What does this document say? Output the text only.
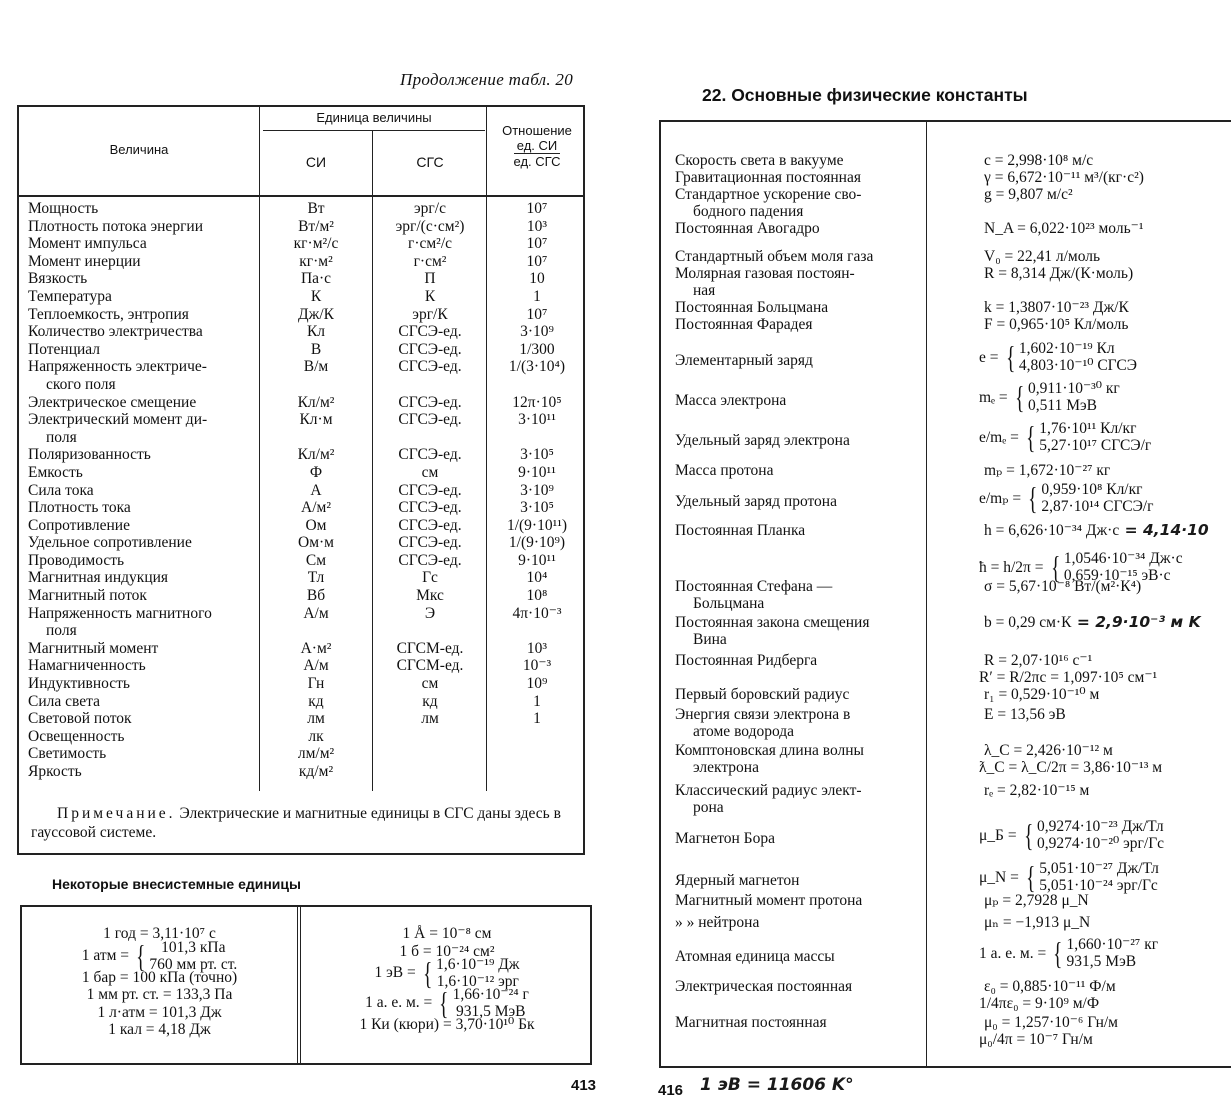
Продолжение табл. 20
Величина
Единица величины
СИ	СГС
Отношение
ед. СИ
ед. СГС
Мощность	Вт	эрг/с	10⁷
Плотность потока энергии	Вт/м²	эрг/(с·см²)	10³
Момент импульса	кг·м²/с	г·см²/с	10⁷
Момент инерции	кг·м²	г·см²	10⁷
Вязкость	Па·с	П	10
Температура	К	К	1
Теплоемкость, энтропия	Дж/К	эрг/К	10⁷
Количество электричества	Кл	СГСЭ-ед.	3·10⁹
Потенциал	В	СГСЭ-ед.	1/300
Напряженность электриче-
ского поля
В/м	СГСЭ-ед.	1/(3·10⁴)
Электрическое смещение	Кл/м²	СГСЭ-ед.	12π·10⁵
Электрический момент ди-
поля
Кл·м	СГСЭ-ед.	3·10¹¹
Поляризованность	Кл/м²	СГСЭ-ед.	3·10⁵
Емкость	Ф	см	9·10¹¹
Сила тока	А	СГСЭ-ед.	3·10⁹
Плотность тока	А/м²	СГСЭ-ед.	3·10⁵
Сопротивление	Ом	СГСЭ-ед.	1/(9·10¹¹)
Удельное сопротивление	Ом·м	СГСЭ-ед.	1/(9·10⁹)
Проводимость	См	СГСЭ-ед.	9·10¹¹
Магнитная индукция	Тл	Гс	10⁴
Магнитный поток	Вб	Мкс	10⁸
Напряженность магнитного
поля
А/м	Э	4π·10⁻³
Магнитный момент	А·м²	СГСМ-ед.	10³
Намагниченность	А/м	СГСМ-ед.	10⁻³
Индуктивность	Гн	см	10⁹
Сила света	кд	кд	1
Световой поток	лм	лм	1
Освещенность	лк
Светимость	лм/м²
Яркость	кд/м²
Примечание. Электрические и магнитные единицы в СГС даны здесь в гауссовой системе.
Некоторые внесистемные единицы
1 год = 3,11·10⁷ с
1 атм = {	101,3 кПа
760 мм рт. ст.
1 бар = 100 кПа (точно)
1 мм рт. ст. = 133,3 Па
1 л·атм = 101,3 Дж
1 кал = 4,18 Дж
1 Å = 10⁻⁸ см
1 б = 10⁻²⁴ см²
1 эВ = { 1,6·10⁻¹⁹ Дж
1,6·10⁻¹² эрг
1 а. е. м. = { 1,66·10⁻²⁴ г
931,5 МэВ
1 Ки (кюри) = 3,70·10¹⁰ Бк
413
22. Основные физические константы
Скорость света в вакууме	c = 2,998·10⁸ м/с
Гравитационная постоянная	γ = 6,672·10⁻¹¹ м³/(кг·с²)
Стандартное ускорение сво-
бодного падения
g = 9,807 м/с²
Постоянная Авогадро	N_A = 6,022·10²³ моль⁻¹
Стандартный объем моля газа	V₀ = 22,41 л/моль
Молярная газовая постоян-
ная
R = 8,314 Дж/(К·моль)
Постоянная Больцмана	k = 1,3807·10⁻²³ Дж/К
Постоянная Фарадея	F = 0,965·10⁵ Кл/моль
Элементарный заряд	e = { 1,602·10⁻¹⁹ Кл
4,803·10⁻¹⁰ СГСЭ
Масса электрона	mₑ = { 0,911·10⁻³⁰ кг
0,511 МэВ
Удельный заряд электрона	e/mₑ = { 1,76·10¹¹ Кл/кг
5,27·10¹⁷ СГСЭ/г
Масса протона	mₚ = 1,672·10⁻²⁷ кг
Удельный заряд протона	e/mₚ = { 0,959·10⁸ Кл/кг
2,87·10¹⁴ СГСЭ/г
Постоянная Планка	h = 6,626·10⁻³⁴ Дж·с = 4,14·10
ħ = h/2π = { 1,0546·10⁻³⁴ Дж·с
0,659·10⁻¹⁵ эВ·с
Постоянная Стефана —
Больцмана
σ = 5,67·10⁻⁸ Вт/(м²·К⁴)
Постоянная закона смещения
Вина
b = 0,29 см·К = 2,9·10⁻³ м K
Постоянная Ридберга	R = 2,07·10¹⁶ с⁻¹
R′ = R/2πc = 1,097·10⁵ см⁻¹
Первый боровский радиус	r₁ = 0,529·10⁻¹⁰ м
Энергия связи электрона в
атоме водорода
E = 13,56 эВ
Комптоновская длина волны
электрона
λ_C = 2,426·10⁻¹² м
ƛ_C = λ_C/2π = 3,86·10⁻¹³ м
Классический радиус элект-
рона
rₑ = 2,82·10⁻¹⁵ м
Магнетон Бора	μ_Б = { 0,9274·10⁻²³ Дж/Тл
0,9274·10⁻²⁰ эрг/Гс
Ядерный магнетон	μ_N = { 5,051·10⁻²⁷ Дж/Тл
5,051·10⁻²⁴ эрг/Гс
Магнитный момент протона	μₚ = 2,7928 μ_N
» » нейтрона	μₙ = −1,913 μ_N
Атомная единица массы	1 а. е. м. = { 1,660·10⁻²⁷ кг
931,5 МэВ
Электрическая постоянная	ε₀ = 0,885·10⁻¹¹ Ф/м
1/4πε₀ = 9·10⁹ м/Ф
Магнитная постоянная	μ₀ = 1,257·10⁻⁶ Гн/м
μ₀/4π = 10⁻⁷ Гн/м
416 1 эВ = 11606 K°
